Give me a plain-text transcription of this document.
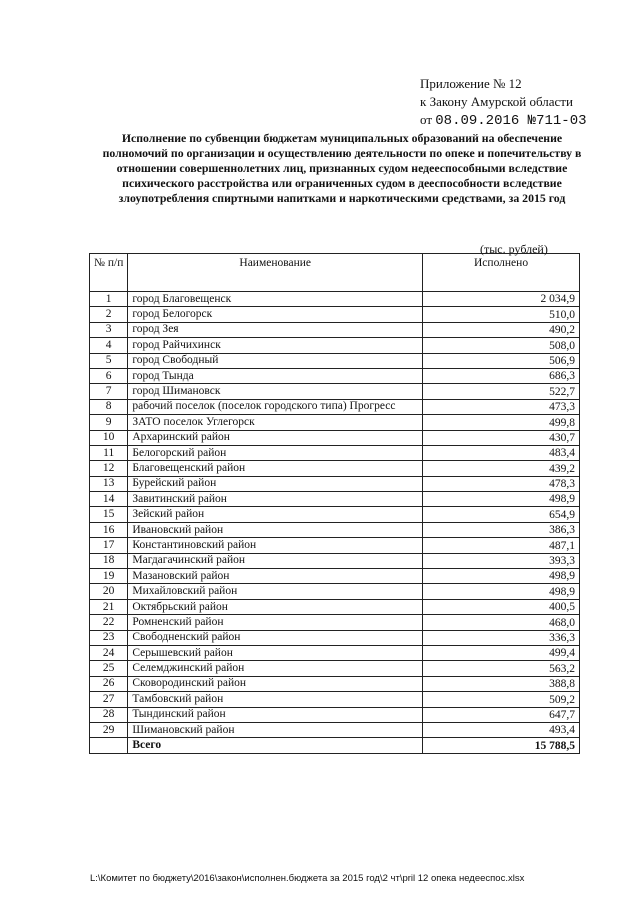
Приложение № 12
к Закону Амурской области
от 08.09.2016 №711-03
Исполнение по субвенции бюджетам муниципальных образований на обеспечение полномочий по организации и осуществлению деятельности по опеке и попечительству в отношении совершеннолетних лиц, признанных судом недееспособными вследствие психического расстройства или ограниченных судом в дееспособности вследствие злоупотребления спиртными напитками и наркотическими средствами, за 2015 год
(тыс. рублей)
№ п/п	Наименование	Исполнено
1	город Благовещенск	2 034,9
2	город Белогорск	510,0
3	город Зея	490,2
4	город Райчихинск	508,0
5	город Свободный	506,9
6	город Тында	686,3
7	город Шимановск	522,7
8	рабочий поселок (поселок городского типа) Прогресс	473,3
9	ЗАТО поселок Углегорск	499,8
10	Архаринский район	430,7
11	Белогорский район	483,4
12	Благовещенский район	439,2
13	Бурейский район	478,3
14	Завитинский район	498,9
15	Зейский район	654,9
16	Ивановский район	386,3
17	Константиновский район	487,1
18	Магдагачинский район	393,3
19	Мазановский район	498,9
20	Михайловский район	498,9
21	Октябрьский район	400,5
22	Ромненский район	468,0
23	Свободненский район	336,3
24	Серышевский район	499,4
25	Селемджинский район	563,2
26	Сковородинский район	388,8
27	Тамбовский район	509,2
28	Тындинский район	647,7
29	Шимановский район	493,4
	Всего	15 788,5
L:\Комитет по бюджету\2016\закон\исполнен.бюджета за 2015 год\2 чт\pril 12 опека недееспос.xlsx
